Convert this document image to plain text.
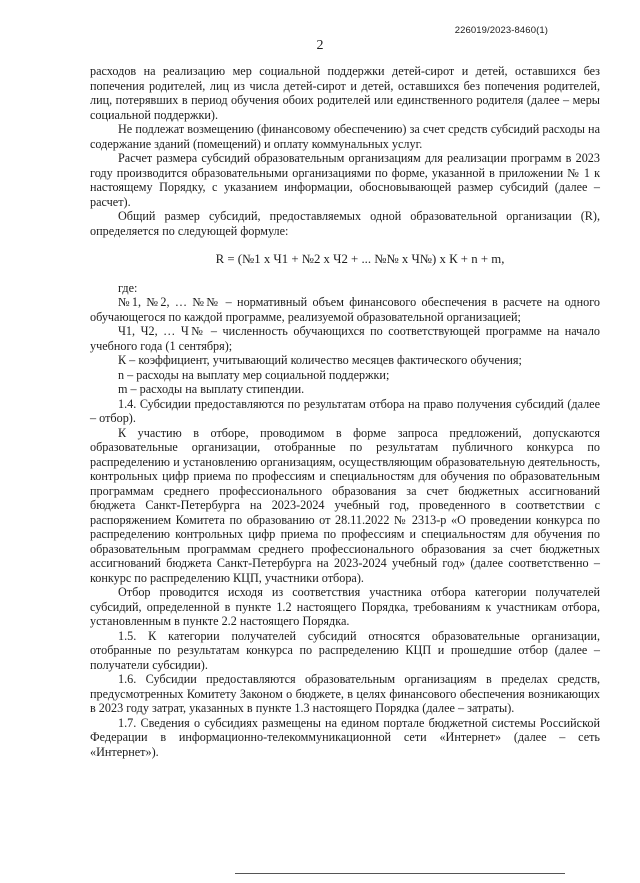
226019/2023-8460(1)
2

расходов на реализацию мер социальной поддержки детей-сирот и детей, оставшихся без попечения родителей, лиц из числа детей-сирот и детей, оставшихся без попечения родителей, лиц, потерявших в период обучения обоих родителей или единственного родителя (далее – меры социальной поддержки).

Не подлежат возмещению (финансовому обеспечению) за счет средств субсидий расходы на содержание зданий (помещений) и оплату коммунальных услуг.

Расчет размера субсидий образовательным организациям для реализации программ в 2023 году производится образовательными организациями по форме, указанной в приложении № 1 к настоящему Порядку, с указанием информации, обосновывающей размер субсидий (далее – расчет).

Общий размер субсидий, предоставляемых одной образовательной организации (R), определяется по следующей формуле:

R = (№1 х Ч1 + №2 х Ч2 + ... №№ х Ч№) х К + n + m,

где:

№1, №2, … №№ – нормативный объем финансового обеспечения в расчете на одного обучающегося по каждой программе, реализуемой образовательной организацией;

Ч1, Ч2, … Ч№ – численность обучающихся по соответствующей программе на начало учебного года (1 сентября);

К – коэффициент, учитывающий количество месяцев фактического обучения;

n – расходы на выплату мер социальной поддержки;

m – расходы на выплату стипендии.

1.4. Субсидии предоставляются по результатам отбора на право получения субсидий (далее – отбор).

К участию в отборе, проводимом в форме запроса предложений, допускаются образовательные организации, отобранные по результатам публичного конкурса по распределению и установлению организациям, осуществляющим образовательную деятельность, контрольных цифр приема по профессиям и специальностям для обучения по образовательным программам среднего профессионального образования за счет бюджетных ассигнований бюджета Санкт-Петербурга на 2023-2024 учебный год, проведенного в соответствии с распоряжением Комитета по образованию от 28.11.2022 № 2313-р «О проведении конкурса по распределению контрольных цифр приема по профессиям и специальностям для обучения по образовательным программам среднего профессионального образования за счет бюджетных ассигнований бюджета Санкт-Петербурга на 2023-2024 учебный год» (далее соответственно – конкурс по распределению КЦП, участники отбора).

Отбор проводится исходя из соответствия участника отбора категории получателей субсидий, определенной в пункте 1.2 настоящего Порядка, требованиям к участникам отбора, установленным в пункте 2.2 настоящего Порядка.

1.5. К категории получателей субсидий относятся образовательные организации, отобранные по результатам конкурса по распределению КЦП и прошедшие отбор (далее – получатели субсидии).

1.6. Субсидии предоставляются образовательным организациям в пределах средств, предусмотренных Комитету Законом о бюджете, в целях финансового обеспечения возникающих в 2023 году затрат, указанных в пункте 1.3 настоящего Порядка (далее – затраты).

1.7. Сведения о субсидиях размещены на едином портале бюджетной системы Российской Федерации в информационно-телекоммуникационной сети «Интернет» (далее – сеть «Интернет»).
